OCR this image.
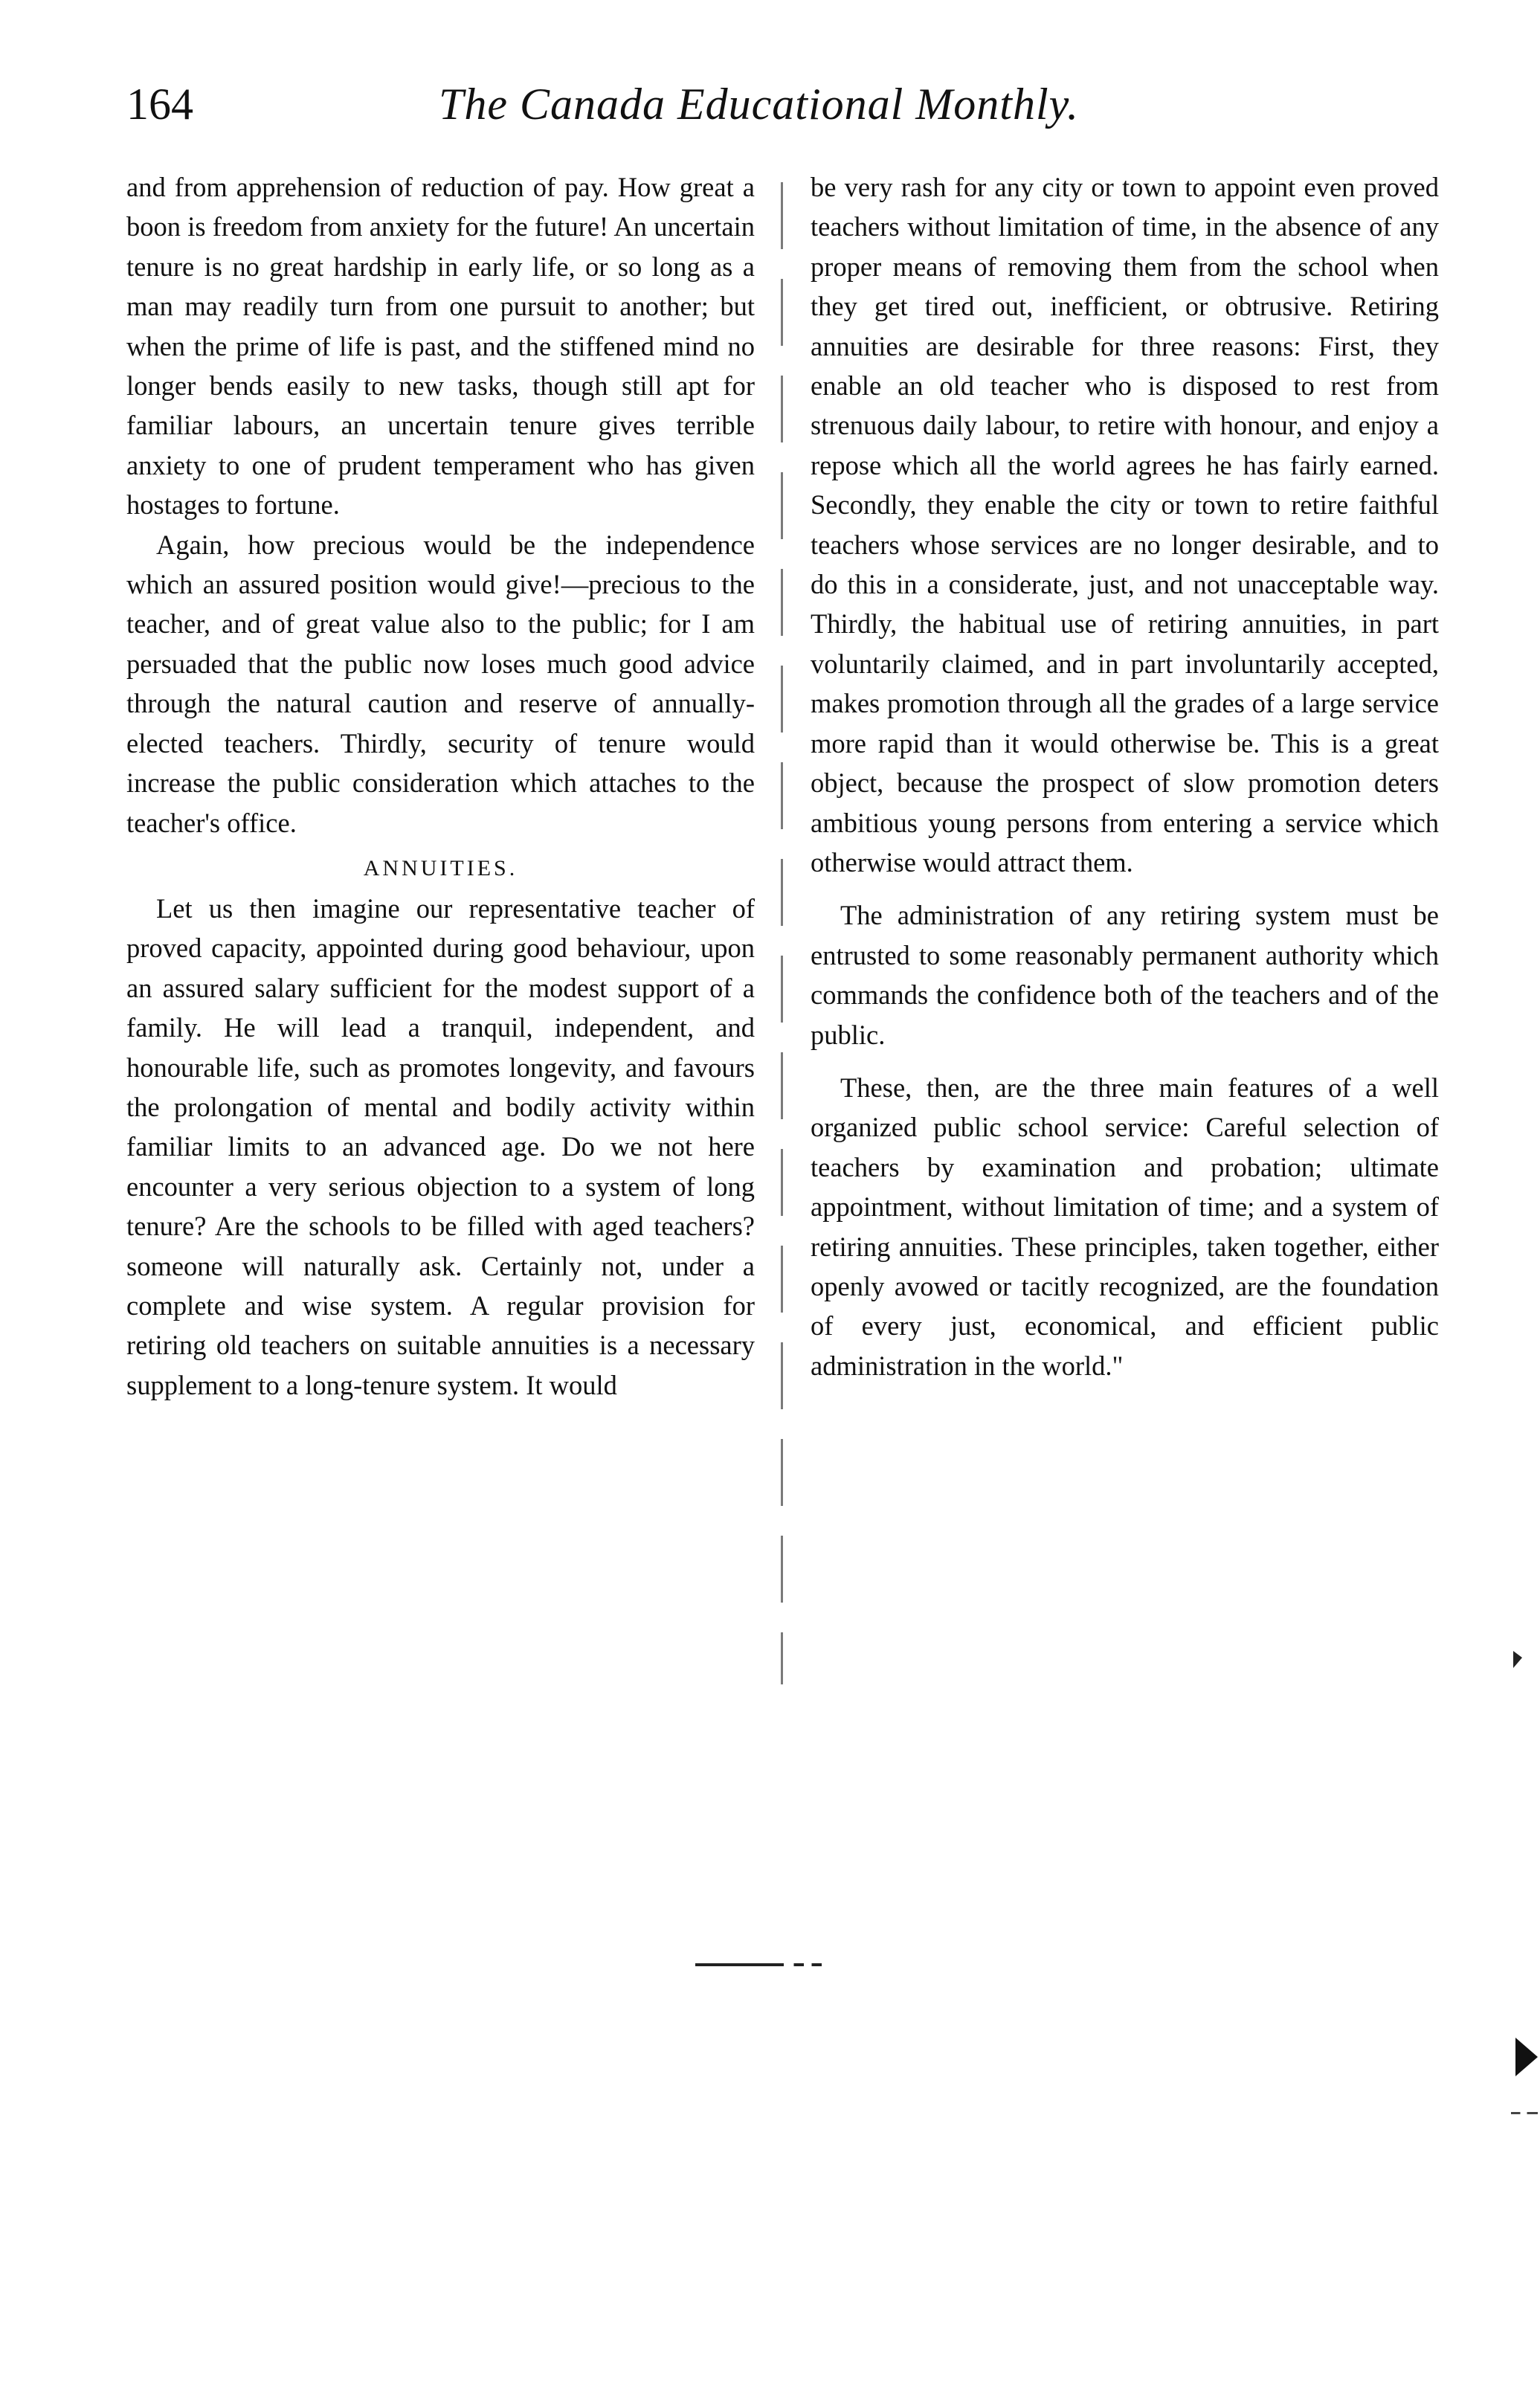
164	The Canada Educational Monthly.

and from apprehension of reduction of pay. How great a boon is freedom from anxiety for the future! An uncertain tenure is no great hardship in early life, or so long as a man may readily turn from one pursuit to another; but when the prime of life is past, and the stiffened mind no longer bends easily to new tasks, though still apt for familiar labours, an uncertain tenure gives terrible anxiety to one of prudent temperament who has given hostages to fortune.

Again, how precious would be the independence which an assured position would give!—precious to the teacher, and of great value also to the public; for I am persuaded that the public now loses much good advice through the natural caution and reserve of annually-elected teachers. Thirdly, security of tenure would increase the public consideration which attaches to the teacher's office.

ANNUITIES.

Let us then imagine our representative teacher of proved capacity, appointed during good behaviour, upon an assured salary sufficient for the modest support of a family. He will lead a tranquil, independent, and honourable life, such as promotes longevity, and favours the prolongation of mental and bodily activity within familiar limits to an advanced age. Do we not here encounter a very serious objection to a system of long tenure? Are the schools to be filled with aged teachers? someone will naturally ask. Certainly not, under a complete and wise system. A regular provision for retiring old teachers on suitable annuities is a necessary supplement to a long-tenure system. It would

be very rash for any city or town to appoint even proved teachers without limitation of time, in the absence of any proper means of removing them from the school when they get tired out, inefficient, or obtrusive. Retiring annuities are desirable for three reasons: First, they enable an old teacher who is disposed to rest from strenuous daily labour, to retire with honour, and enjoy a repose which all the world agrees he has fairly earned. Secondly, they enable the city or town to retire faithful teachers whose services are no longer desirable, and to do this in a considerate, just, and not unacceptable way. Thirdly, the habitual use of retiring annuities, in part voluntarily claimed, and in part involuntarily accepted, makes promotion through all the grades of a large service more rapid than it would otherwise be. This is a great object, because the prospect of slow promotion deters ambitious young persons from entering a service which otherwise would attract them.

The administration of any retiring system must be entrusted to some reasonably permanent authority which commands the confidence both of the teachers and of the public.

These, then, are the three main features of a well organized public school service: Careful selection of teachers by examination and probation; ultimate appointment, without limitation of time; and a system of retiring annuities. These principles, taken together, either openly avowed or tacitly recognized, are the foundation of every just, economical, and efficient public administration in the world."
